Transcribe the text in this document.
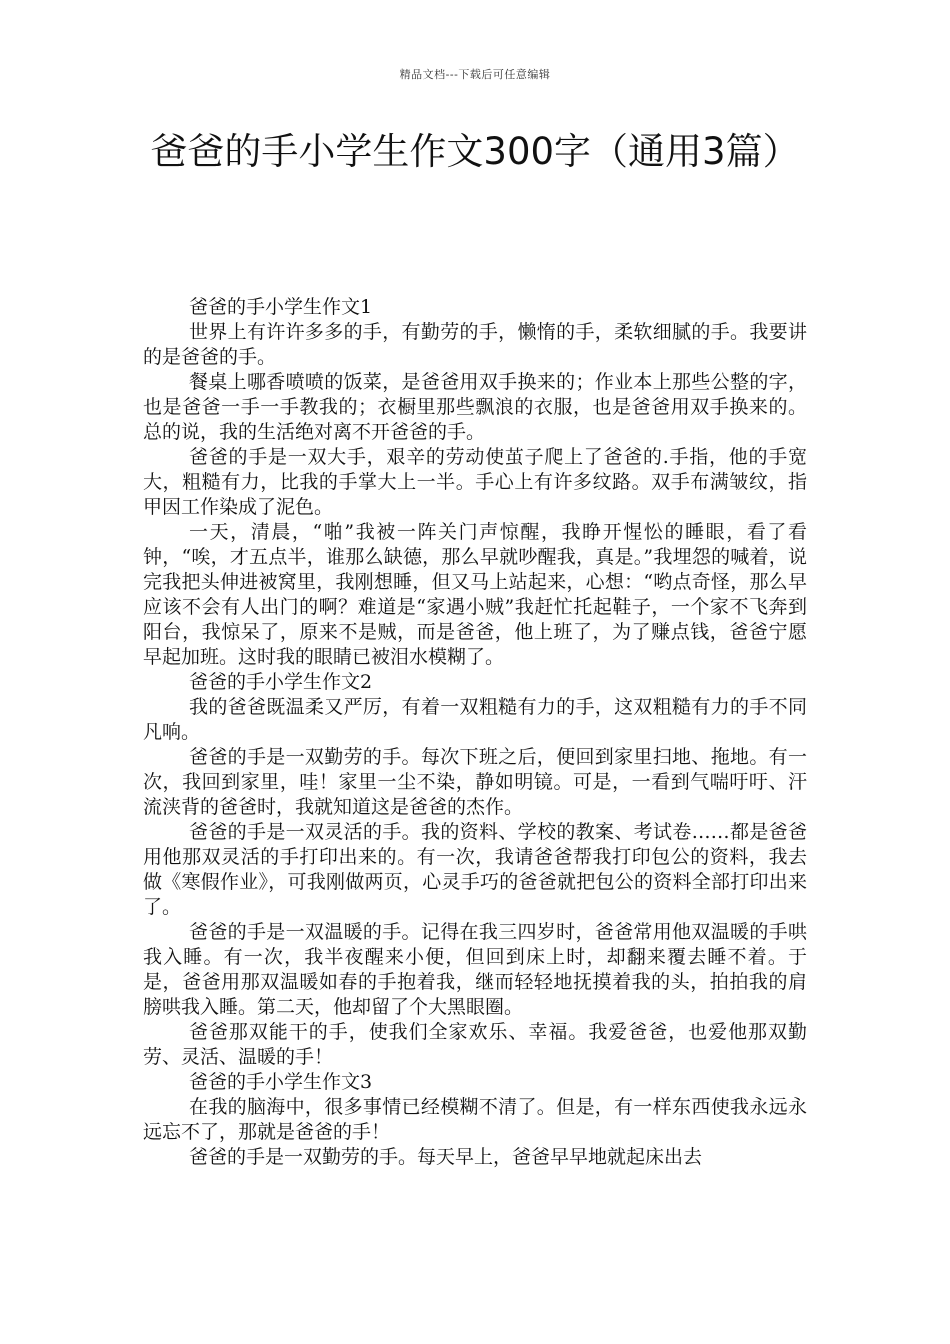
精品文档---下载后可任意编辑
爸爸的手小学生作文300字（通用3篇）

爸爸的手小学生作文1

世界上有许许多多的手，有勤劳的手，懒惰的手，柔软细腻的手。我要讲的是爸爸的手。

餐桌上哪香喷喷的饭菜，是爸爸用双手换来的；作业本上那些公整的字，也是爸爸一手一手教我的；衣橱里那些飘浪的衣服，也是爸爸用双手换来的。总的说，我的生活绝对离不开爸爸的手。

爸爸的手是一双大手，艰辛的劳动使茧子爬上了爸爸的.手指，他的手宽大，粗糙有力，比我的手掌大上一半。手心上有许多纹路。双手布满皱纹，指甲因工作染成了泥色。

一天，清晨，“啪”我被一阵关门声惊醒，我睁开惺忪的睡眼，看了看钟，“唉，才五点半，谁那么缺德，那么早就吵醒我，真是。”我埋怨的喊着，说完我把头伸进被窝里，我刚想睡，但又马上站起来，心想：“哟点奇怪，那么早应该不会有人出门的啊？难道是“家遇小贼”我赶忙托起鞋子，一个家不飞奔到阳台，我惊呆了，原来不是贼，而是爸爸，他上班了，为了赚点钱，爸爸宁愿早起加班。这时我的眼睛已被泪水模糊了。

爸爸的手小学生作文2

我的爸爸既温柔又严厉，有着一双粗糙有力的手，这双粗糙有力的手不同凡响。

爸爸的手是一双勤劳的手。每次下班之后，便回到家里扫地、拖地。有一次，我回到家里，哇！家里一尘不染，静如明镜。可是，一看到气喘吁吁、汗流浃背的爸爸时，我就知道这是爸爸的杰作。

爸爸的手是一双灵活的手。我的资料、学校的教案、考试卷……都是爸爸用他那双灵活的手打印出来的。有一次，我请爸爸帮我打印包公的资料，我去做《寒假作业》，可我刚做两页，心灵手巧的爸爸就把包公的资料全部打印出来了。

爸爸的手是一双温暖的手。记得在我三四岁时，爸爸常用他双温暖的手哄我入睡。有一次，我半夜醒来小便，但回到床上时，却翻来覆去睡不着。于是，爸爸用那双温暖如春的手抱着我，继而轻轻地抚摸着我的头，拍拍我的肩膀哄我入睡。第二天，他却留了个大黑眼圈。

爸爸那双能干的手，使我们全家欢乐、幸福。我爱爸爸，也爱他那双勤劳、灵活、温暖的手！

爸爸的手小学生作文3

在我的脑海中，很多事情已经模糊不清了。但是，有一样东西使我永远永远忘不了，那就是爸爸的手！

爸爸的手是一双勤劳的手。每天早上，爸爸早早地就起床出去
